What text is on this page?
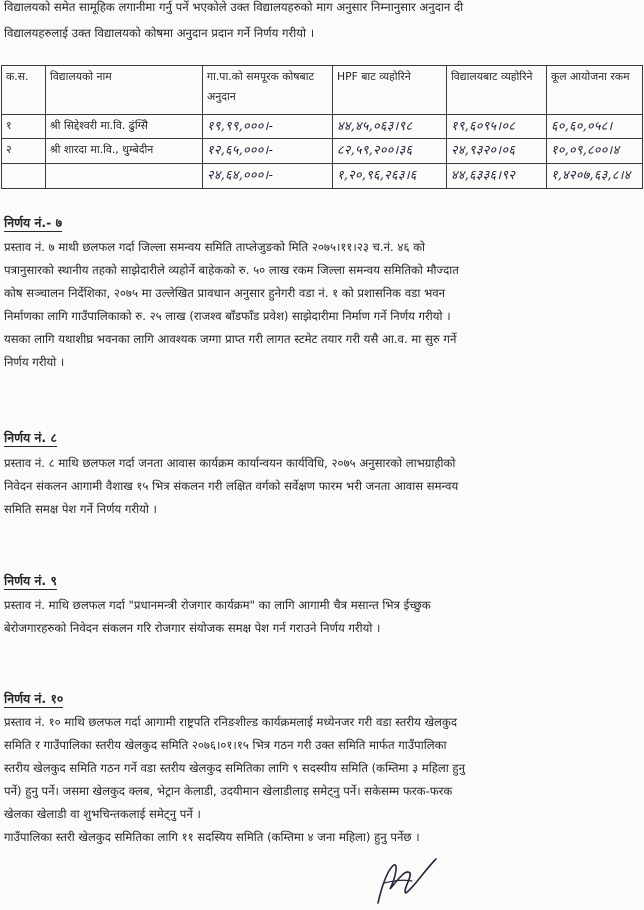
विद्यालयको समेत सामूहिक लगानीमा गर्नु पर्ने भएकोले उक्त विद्यालयहरुको माग अनुसार निम्नानुसार अनुदान दी
विद्यालयहरुलाई उक्त विद्यालयको कोषमा अनुदान प्रदान गर्ने निर्णय गरीयो ।
क.स.	विद्यालयको नाम	गा.पा.को समपूरक कोषबाट अनुदान	HPF बाट व्यहोरिने	विद्यालयबाट व्यहोरिने	कूल आयोजना रकम
१	श्री सिद्देश्वरी मा.वि. ढुंग्सिे	१९,९९,०००।-	४४,४५,०६३।९८	१९,६०९५।०८	६०,६०,०५८।
२	श्री शारदा मा.वि., थुम्बेदीन	१२,६५,०००।-	८२,५९,२००।३६	२४,९३२०।०६	१०,०९,८००।४
		२४,६४,०००।-	१,२०,९६,२६३।६	४४,६३३६।९२	१,४२०७,६३,८।४
निर्णय नं.- ७
प्रस्ताव नं. ७ माथी छलफल गर्दा जिल्ला समन्वय समिति ताप्लेजुङको मिति २०७५।११।२३ च.नं. ४६ को
पत्रानुसारको स्थानीय तहको साझेदारीले व्यहोर्ने बाहेकको रु. ५० लाख रकम जिल्ला समन्वय समितिको मौज्दात
कोष सञ्चालन निर्देशिका, २०७५ मा उल्लेखित प्रावधान अनुसार हुनेगरी वडा नं. १ को प्रशासनिक वडा भवन
निर्माणका लागि गाउँपालिकाको रु. २५ लाख (राजश्व बाँडफाँड प्रवेश) साझेदारीमा निर्माण गर्ने निर्णय गरीयो ।
यसका लागि यथाशीघ्र भवनका लागि आवश्यक जग्गा प्राप्त गरी लागत स्टमेट तयार गरी यसै आ.व. मा सुरु गर्ने
निर्णय गरीयो ।
निर्णय नं. ८
प्रस्ताव नं. ८ माथि छलफल गर्दा जनता आवास कार्यक्रम कार्यान्वयन कार्यविधि, २०७५ अनुसारको लाभग्राहीको
निवेदन संकलन आगामी वैशाख १५ भित्र संकलन गरी लक्षित वर्गको सर्वेक्षण फारम भरी जनता आवास समन्वय
समिति समक्ष पेश गर्ने निर्णय गरीयो ।
निर्णय नं. ९
प्रस्ताव नं. माथि छलफल गर्दा "प्रधानमन्त्री रोजगार कार्यक्रम" का लागि आगामी चैत्र मसान्त भित्र ईच्छुक
बेरोजगारहरुको निवेदन संकलन गरि रोजगार संयोजक समक्ष पेश गर्न गराउने निर्णय गरीयो ।
निर्णय नं. १०
प्रस्ताव नं. १० माथि छलफल गर्दा आगामी राष्ट्रपति रनिङशील्ड कार्यक्रमलाई मध्येनजर गरी वडा स्तरीय खेलकुद
समिति र गाउँपालिका स्तरीय खेलकुद समिति २०७६।०१।१५ भित्र गठन गरी उक्त समिति मार्फत गाउँपालिका
स्तरीय खेलकुद समिति गठन गर्ने वडा स्तरीय खेलकुद समितिका लागि ९ सदस्यीय समिति (कम्तिमा ३ महिला हुनु
पर्ने) हुनु पर्ने। जसमा खेलकुद क्लब, भेट्रान केलाडी, उदयीमान खेलाडीलाइ समेट्नु पर्ने। सकेसम्म फरक-फरक
खेलका खेलाडी वा शुभचिन्तकलाई समेट्नु पर्ने ।
गाउँपालिका स्तरी खेलकुद समितिका लागि ११ सदस्यिय समिति (कम्तिमा ४ जना महिला) हुनु पर्नेछ ।
